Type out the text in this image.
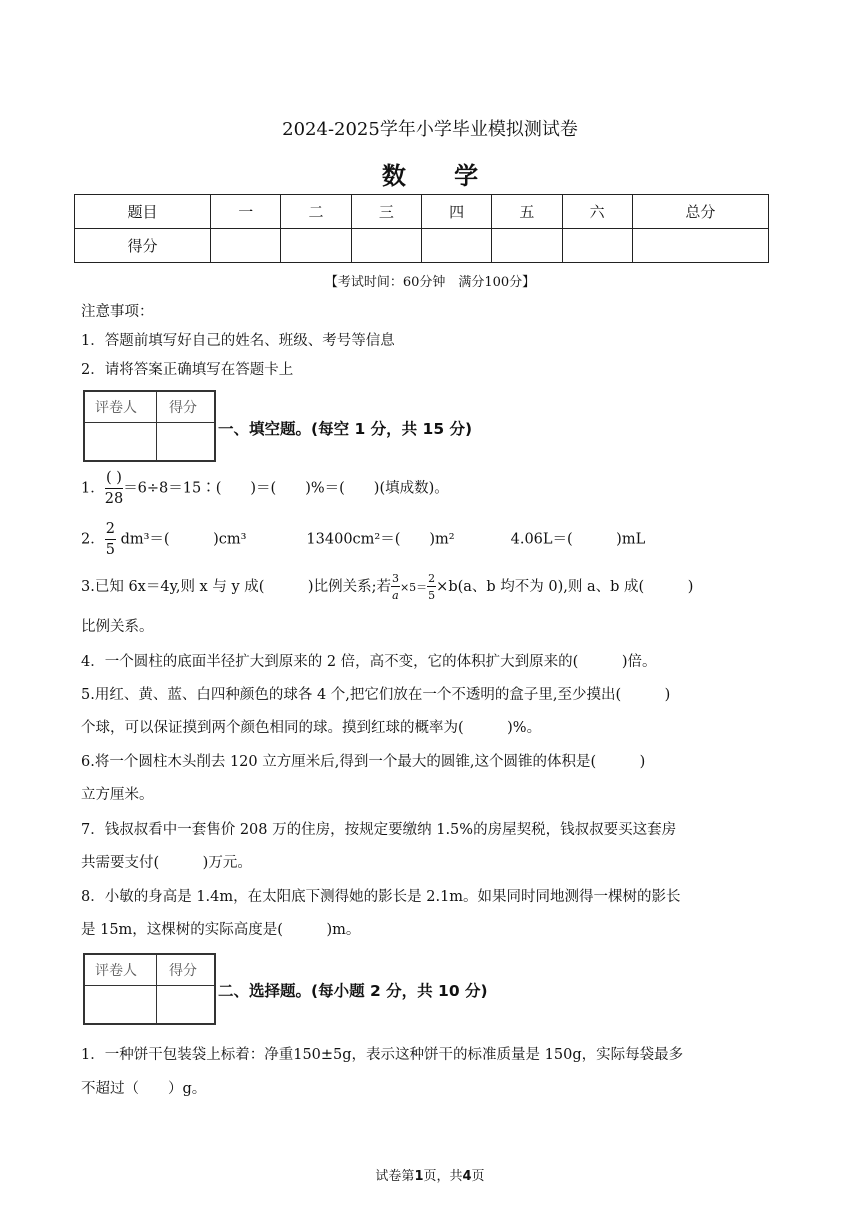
2024-2025学年小学毕业模拟测试卷
数 学
题目	一	二	三	四	五	六	总分
得分							
【考试时间：60分钟　满分100分】
注意事项：
1．答题前填写好自己的姓名、班级、考号等信息
2．请将答案正确填写在答题卡上
评卷人 得分
一、填空题。(每空 1 分，共 15 分)
1． $\frac{( )}{28}$ ＝6÷8＝15∶(　　)＝(　　)%＝(　　)(填成数)。
2． $\frac{2}{5} dm^3=$(　　　)cm³	13400cm²＝(　　)m²	4.06L＝(　　　)mL
3.已知 6x＝4y,则 x 与 y 成(　　　)比例关系;若 $\frac{3}{a} \times 5= \frac{2}{5} \times b(a$、b 均不为 0),则 a、b 成(　　　)
比例关系。
4．一个圆柱的底面半径扩大到原来的 2 倍，高不变，它的体积扩大到原来的(　　　)倍。
5.用红、黄、蓝、白四种颜色的球各 4 个,把它们放在一个不透明的盒子里,至少摸出(　　　)
个球，可以保证摸到两个颜色相同的球。摸到红球的概率为(　　　)%。
6.将一个圆柱木头削去 120 立方厘米后,得到一个最大的圆锥,这个圆锥的体积是(　　　)
立方厘米。
7．钱叔叔看中一套售价 208 万的住房，按规定要缴纳 1.5%的房屋契税，钱叔叔要买这套房
共需要支付(　　　)万元。
8．小敏的身高是 1.4m，在太阳底下测得她的影长是 2.1m。如果同时同地测得一棵树的影长
是 15m，这棵树的实际高度是(　　　)m。
评卷人 得分
二、选择题。(每小题 2 分，共 10 分)
1．一种饼干包装袋上标着：净重150±5g，表示这种饼干的标准质量是 150g，实际每袋最多
不超过（　　）g。
试卷第1页，共4页
